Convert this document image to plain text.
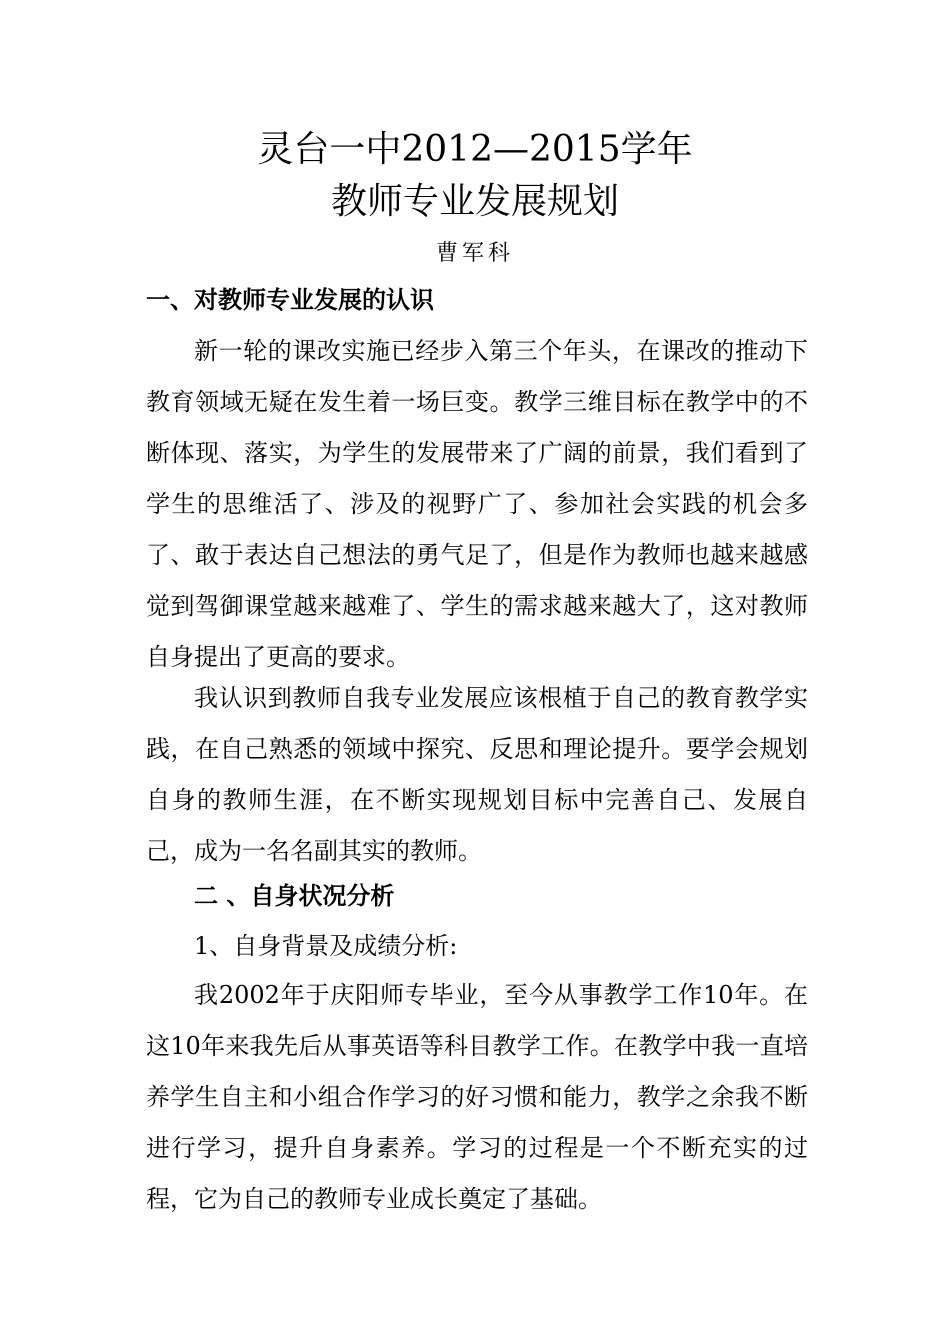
灵台一中2012—2015学年
教师专业发展规划
曹军科
一、对教师专业发展的认识

新一轮的课改实施已经步入第三个年头，在课改的推动下教育领域无疑在发生着一场巨变。教学三维目标在教学中的不断体现、落实，为学生的发展带来了广阔的前景，我们看到了学生的思维活了、涉及的视野广了、参加社会实践的机会多了、敢于表达自己想法的勇气足了，但是作为教师也越来越感觉到驾御课堂越来越难了、学生的需求越来越大了，这对教师自身提出了更高的要求。

我认识到教师自我专业发展应该根植于自己的教育教学实践，在自己熟悉的领域中探究、反思和理论提升。要学会规划自身的教师生涯，在不断实现规划目标中完善自己、发展自己，成为一名名副其实的教师。

二 、自身状况分析
1、自身背景及成绩分析:

我2002年于庆阳师专毕业，至今从事教学工作10年。在这10年来我先后从事英语等科目教学工作。在教学中我一直培养学生自主和小组合作学习的好习惯和能力，教学之余我不断进行学习，提升自身素养。学习的过程是一个不断充实的过程，它为自己的教师专业成长奠定了基础。
